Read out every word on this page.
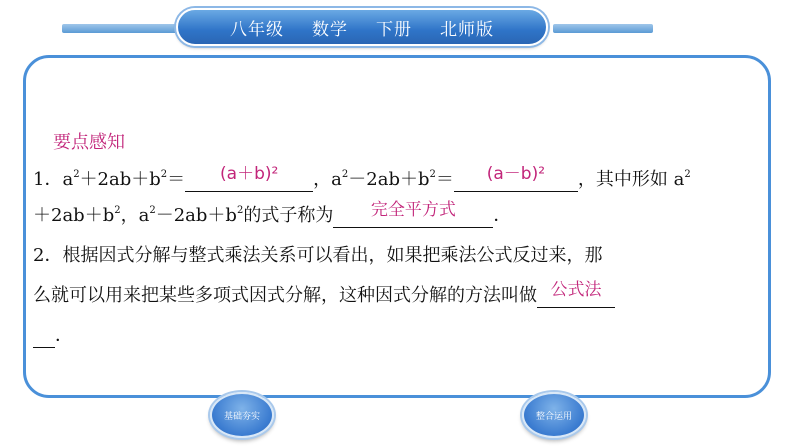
八年级 数学 下册 北师版
要点感知
1．$a^2+2ab+b^2=$	(a＋b)²	，$a^2-2ab+b^2=$	(a－b)²	，其中形如 $a^2$
$+2ab+b^2$，$a^2-2ab+b^2$的式子称为	完全平方式	．
2．根据因式分解与整式乘法关系可以看出，如果把乘法公式反过来，那
么就可以用来把某些多项式因式分解，这种因式分解的方法叫做 公式法
．
基础夯实	整合运用
